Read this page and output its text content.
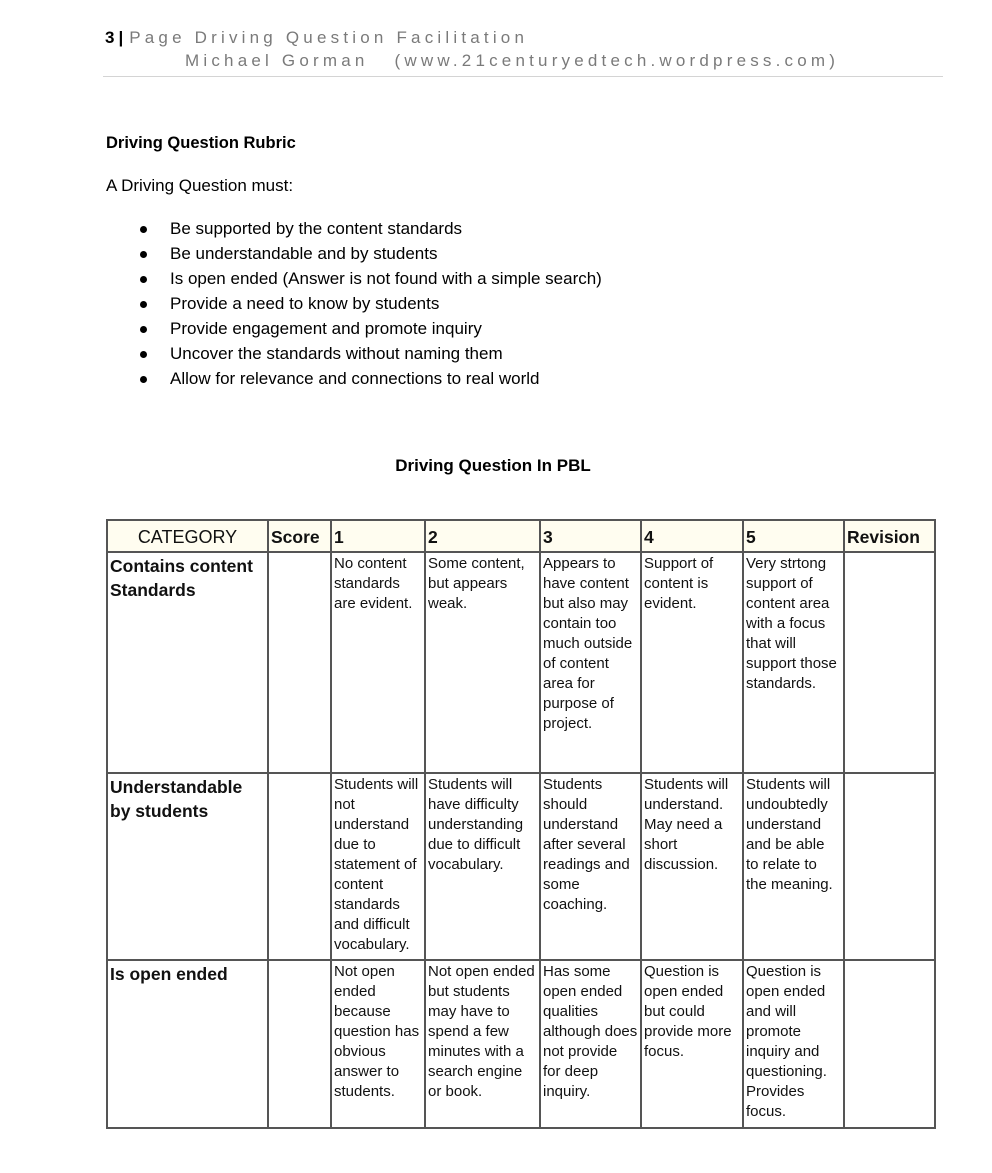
3 | Page Driving Question Facilitation
Michael Gorman (www.21centuryedtech.wordpress.com)
Driving Question Rubric
A Driving Question must:
Be supported by the content standards
Be understandable and by students
Is open ended (Answer is not found with a simple search)
Provide a need to know by students
Provide engagement and promote inquiry
Uncover the standards without naming them
Allow for relevance and connections to real world
Driving Question In PBL
CATEGORY	Score	1	2	3	4	5	Revision
Contains content Standards		No content standards are evident.	Some content, but appears weak.	Appears to have content but also may contain too much outside of content area for purpose of project.	Support of content is evident.	Very strtong support of content area with a focus that will support those standards.	
Understandable by students		Students will not understand due to statement of content standards and difficult vocabulary.	Students will have difficulty understanding due to difficult vocabulary.	Students should understand after several readings and some coaching.	Students will understand. May need a short discussion.	Students will undoubtedly understand and be able to relate to the meaning.	
Is open ended		Not open ended because question has obvious answer to students.	Not open ended but students may have to spend a few minutes with a search engine or book.	Has some open ended qualities although does not provide for deep inquiry.	Question is open ended but could provide more focus.	Question is open ended and will promote inquiry and questioning. Provides focus.	
